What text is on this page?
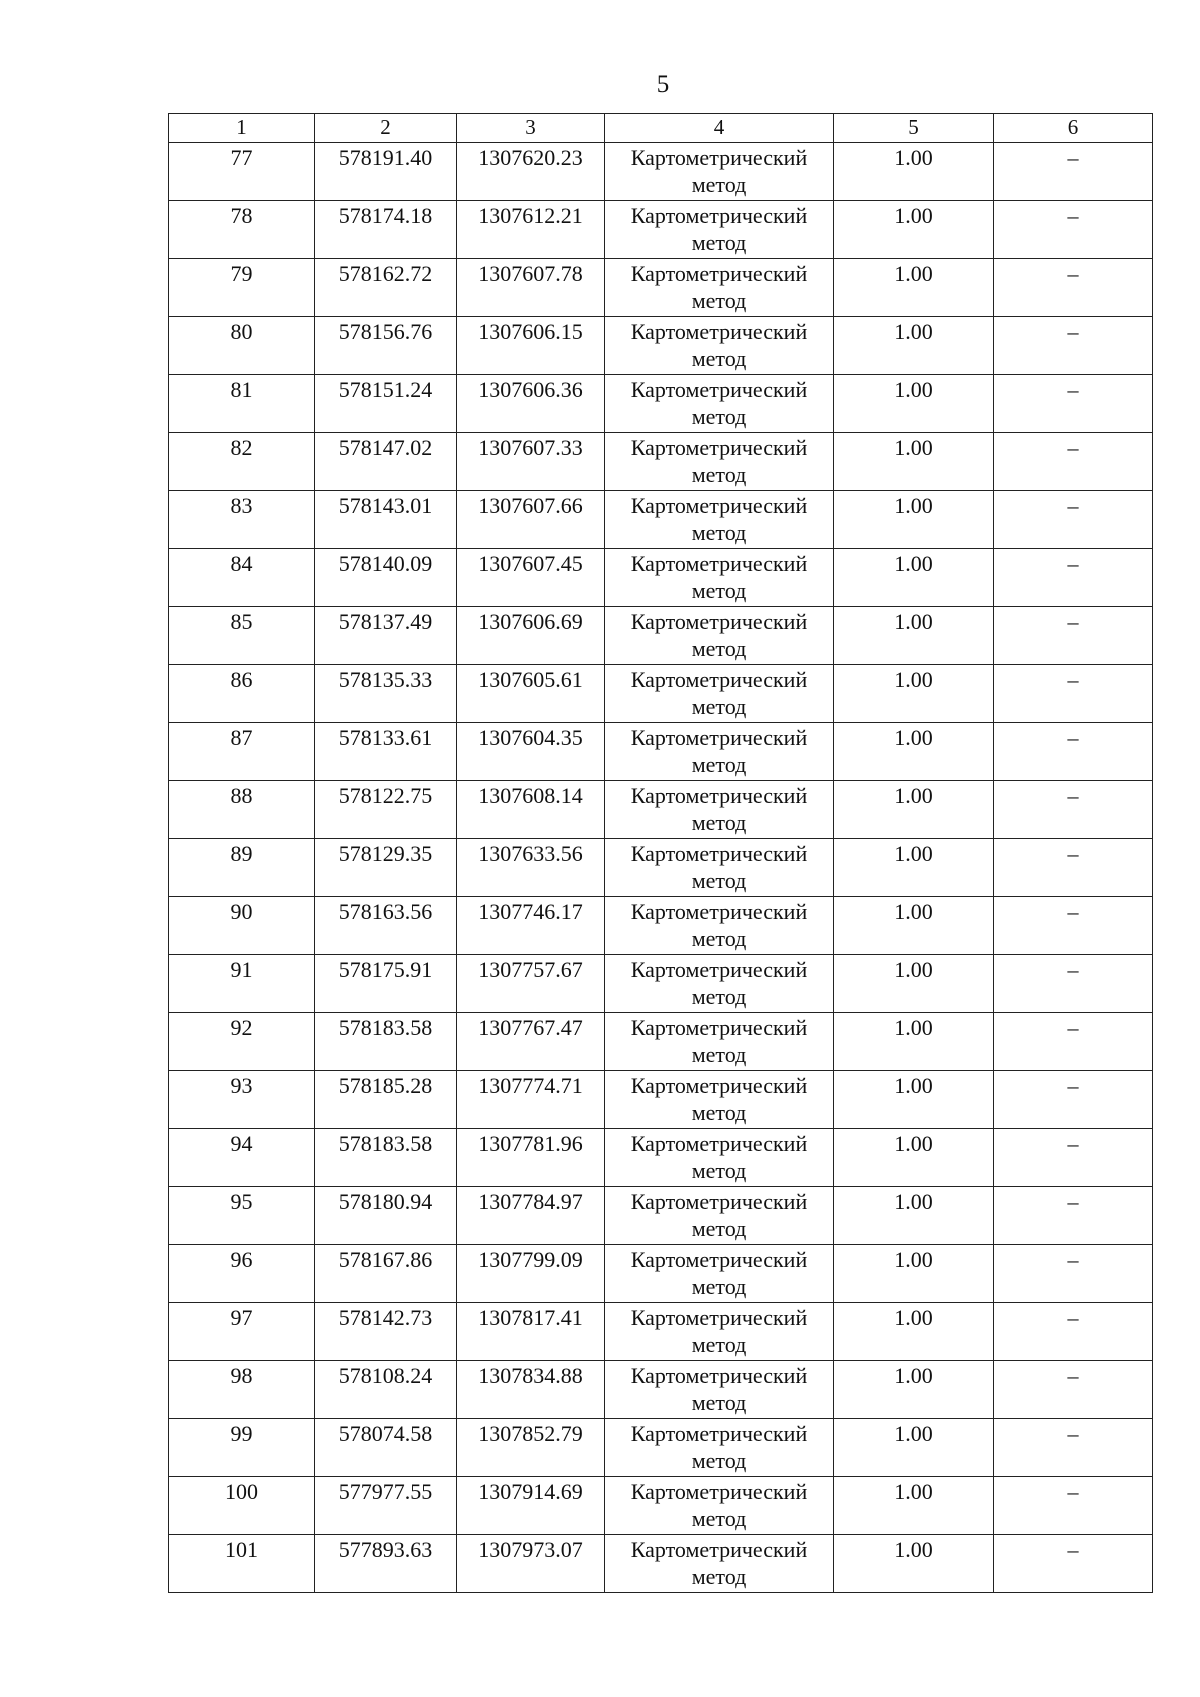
5
1	2	3	4	5	6
77	578191.40	1307620.23	Картометрический метод	1.00	–
78	578174.18	1307612.21	Картометрический метод	1.00	–
79	578162.72	1307607.78	Картометрический метод	1.00	–
80	578156.76	1307606.15	Картометрический метод	1.00	–
81	578151.24	1307606.36	Картометрический метод	1.00	–
82	578147.02	1307607.33	Картометрический метод	1.00	–
83	578143.01	1307607.66	Картометрический метод	1.00	–
84	578140.09	1307607.45	Картометрический метод	1.00	–
85	578137.49	1307606.69	Картометрический метод	1.00	–
86	578135.33	1307605.61	Картометрический метод	1.00	–
87	578133.61	1307604.35	Картометрический метод	1.00	–
88	578122.75	1307608.14	Картометрический метод	1.00	–
89	578129.35	1307633.56	Картометрический метод	1.00	–
90	578163.56	1307746.17	Картометрический метод	1.00	–
91	578175.91	1307757.67	Картометрический метод	1.00	–
92	578183.58	1307767.47	Картометрический метод	1.00	–
93	578185.28	1307774.71	Картометрический метод	1.00	–
94	578183.58	1307781.96	Картометрический метод	1.00	–
95	578180.94	1307784.97	Картометрический метод	1.00	–
96	578167.86	1307799.09	Картометрический метод	1.00	–
97	578142.73	1307817.41	Картометрический метод	1.00	–
98	578108.24	1307834.88	Картометрический метод	1.00	–
99	578074.58	1307852.79	Картометрический метод	1.00	–
100	577977.55	1307914.69	Картометрический метод	1.00	–
101	577893.63	1307973.07	Картометрический метод	1.00	–
